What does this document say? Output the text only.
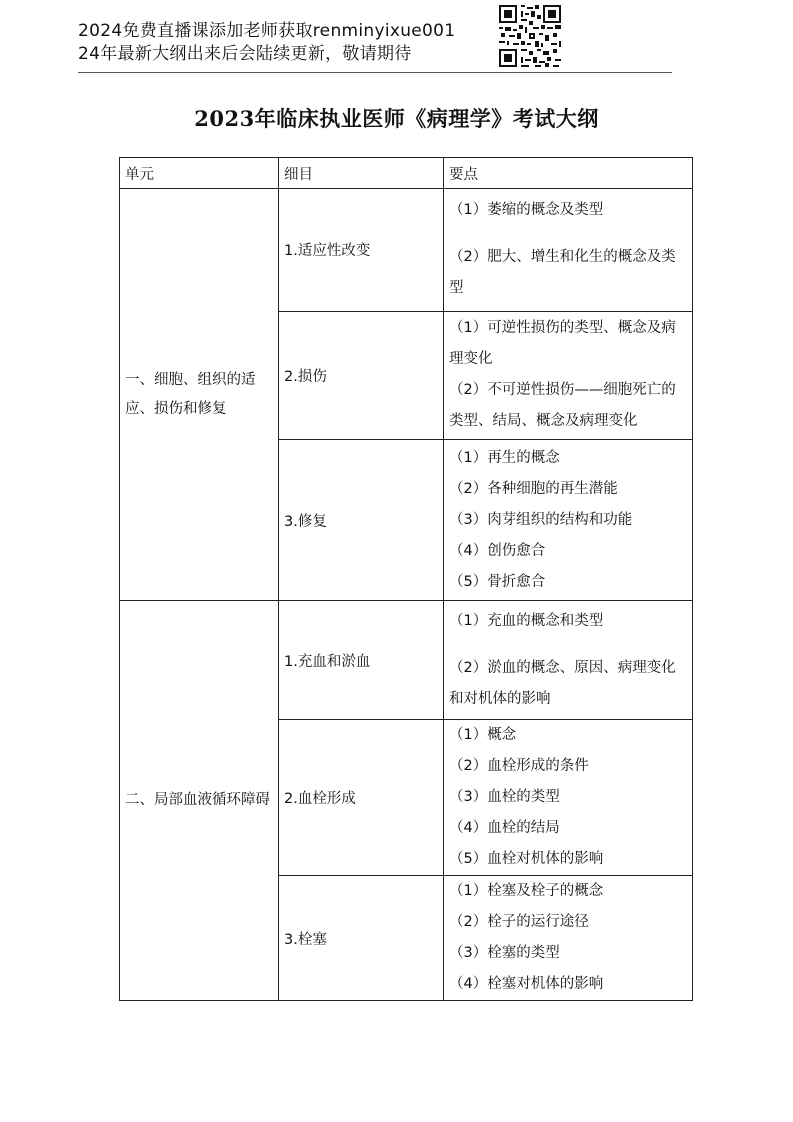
2024免费直播课添加老师获取renminyixue001
24年最新大纲出来后会陆续更新，敬请期待
2023年临床执业医师《病理学》考试大纲
单元	细目	要点
一、细胞、组织的适应、损伤和修复	1.适应性改变	（1）萎缩的概念及类型
（2）肥大、增生和化生的概念及类型

	2.损伤	（1）可逆性损伤的类型、概念及病理变化
（2）不可逆性损伤——细胞死亡的类型、结局、概念及病理变化

	3.修复	（1）再生的概念
（2）各种细胞的再生潜能
（3）肉芽组织的结构和功能
（4）创伤愈合
（5）骨折愈合

二、局部血液循环障碍	1.充血和淤血	（1）充血的概念和类型
（2）淤血的概念、原因、病理变化和对机体的影响

	2.血栓形成	（1）概念
（2）血栓形成的条件
（3）血栓的类型
（4）血栓的结局
（5）血栓对机体的影响

	3.栓塞	（1）栓塞及栓子的概念
（2）栓子的运行途径
（3）栓塞的类型
（4）栓塞对机体的影响
